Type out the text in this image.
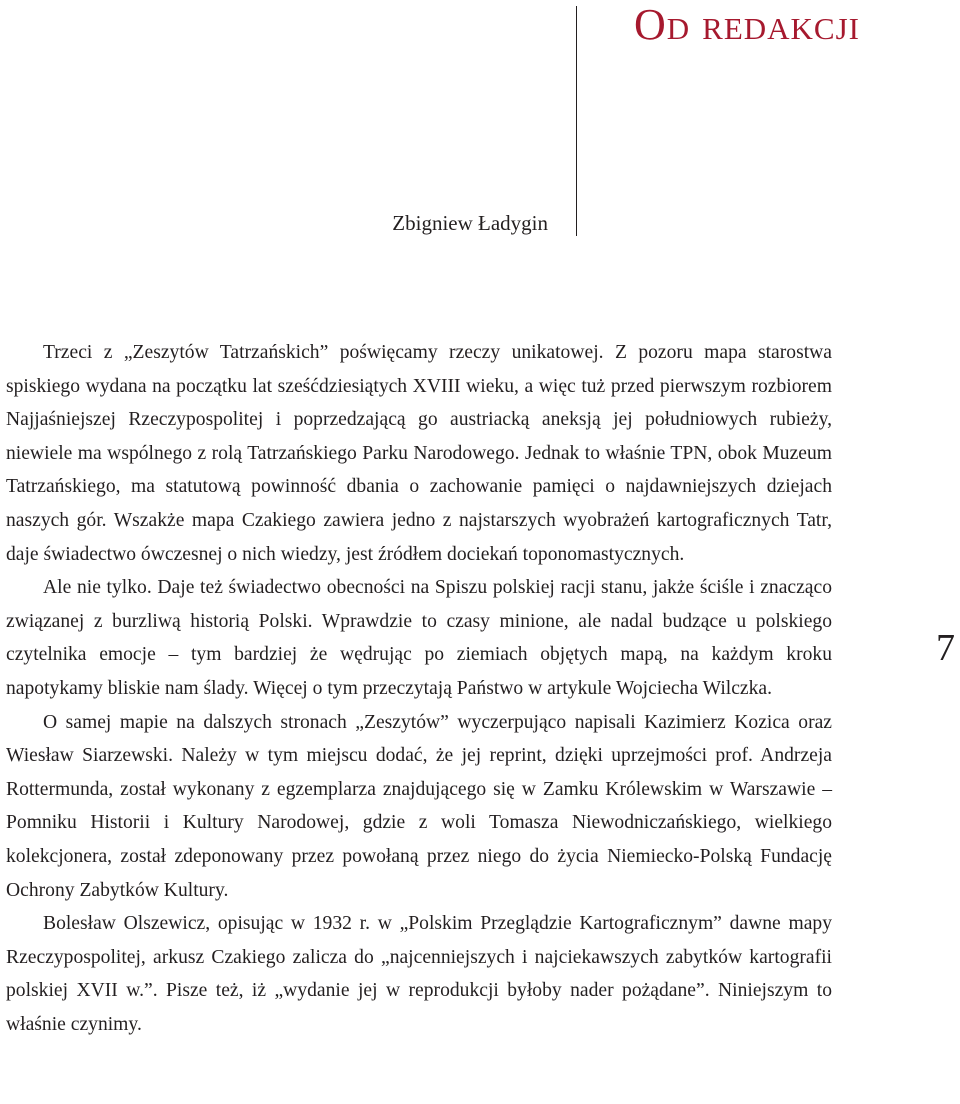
Od redakcji
Zbigniew Ładygin
7

Trzeci z „Zeszytów Tatrzańskich” poświęcamy rzeczy unikatowej. Z pozoru mapa starostwa spiskiego wydana na początku lat sześćdziesiątych XVIII wieku, a więc tuż przed pierwszym rozbiorem Najjaśniejszej Rzeczypospolitej i poprzedzającą go austriacką aneksją jej południowych rubieży, niewiele ma wspólnego z rolą Tatrzańskiego Parku Narodowego. Jednak to właśnie TPN, obok Muzeum Tatrzańskiego, ma statutową powinność dbania o zachowanie pamięci o najdawniejszych dziejach naszych gór. Wszakże mapa Czakiego zawiera jedno z najstarszych wyobrażeń kartograficznych Tatr, daje świadectwo ówczesnej o nich wiedzy, jest źródłem dociekań toponomastycznych.

Ale nie tylko. Daje też świadectwo obecności na Spiszu polskiej racji stanu, jakże ściśle i znacząco związanej z burzliwą historią Polski. Wprawdzie to czasy minione, ale nadal budzące u polskiego czytelnika emocje – tym bardziej że wędrując po ziemiach objętych mapą, na każdym kroku napotykamy bliskie nam ślady. Więcej o tym przeczytają Państwo w artykule Wojciecha Wilczka.

O samej mapie na dalszych stronach „Zeszytów” wyczerpująco napisali Kazimierz Kozica oraz Wiesław Siarzewski. Należy w tym miejscu dodać, że jej reprint, dzięki uprzejmości prof. Andrzeja Rottermunda, został wykonany z egzemplarza znajdującego się w Zamku Królewskim w Warszawie – Pomniku Historii i Kultury Narodowej, gdzie z woli Tomasza Niewodniczańskiego, wielkiego kolekcjonera, został zdeponowany przez powołaną przez niego do życia Niemiecko-Polską Fundację Ochrony Zabytków Kultury.

Bolesław Olszewicz, opisując w 1932 r. w „Polskim Przeglądzie Kartograficznym” dawne mapy Rzeczypospolitej, arkusz Czakiego zalicza do „najcenniejszych i najciekawszych zabytków kartografii polskiej XVII w.”. Pisze też, iż „wydanie jej w reprodukcji byłoby nader pożądane”. Niniejszym to właśnie czynimy.
